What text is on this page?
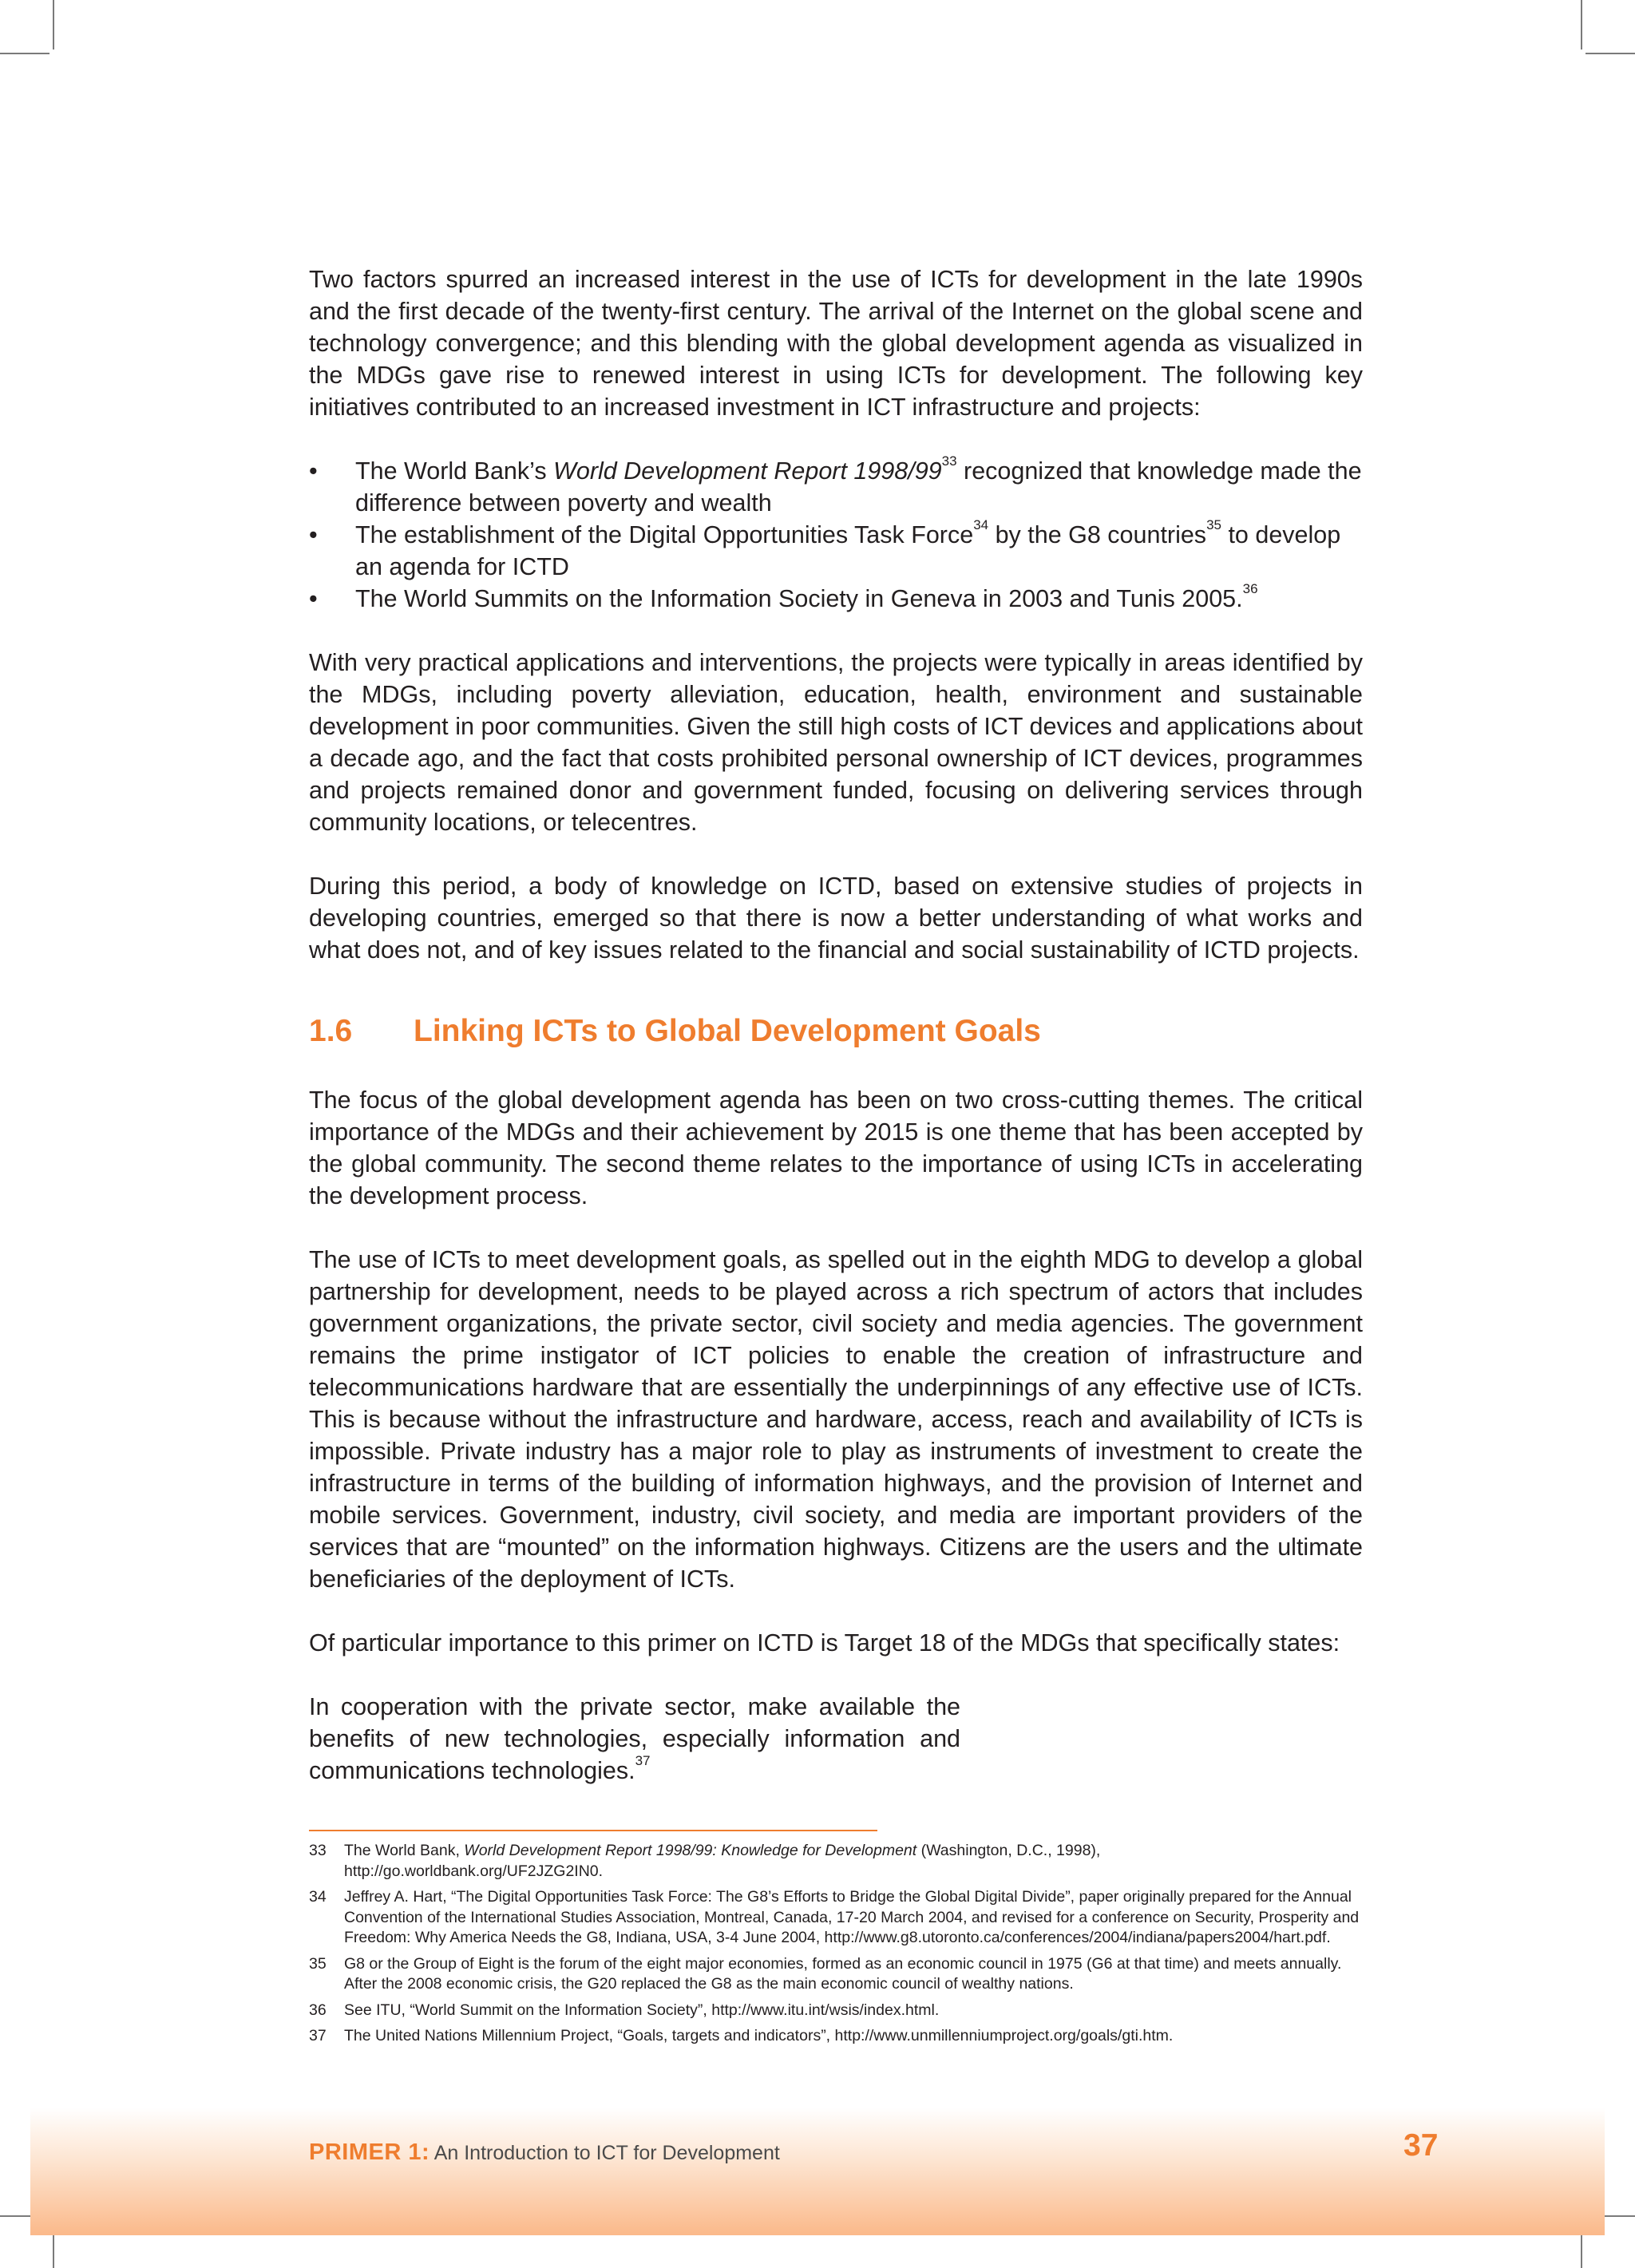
Two factors spurred an increased interest in the use of ICTs for development in the late 1990s and the first decade of the twenty-first century. The arrival of the Internet on the global scene and technology convergence; and this blending with the global development agenda as visualized in the MDGs gave rise to renewed interest in using ICTs for development. The following key initiatives contributed to an increased investment in ICT infrastructure and projects:

• The World Bank’s World Development Report $1998/99^{33}$ recognized that knowledge made the difference between poverty and wealth
• The establishment of the Digital Opportunities Task Force$^{34}$ by the G8 countries$^{35}$ to develop an agenda for ICTD
• The World Summits on the Information Society in Geneva in 2003 and Tunis 2005.36

With very practical applications and interventions, the projects were typically in areas identified by the MDGs, including poverty alleviation, education, health, environment and sustainable development in poor communities. Given the still high costs of ICT devices and applications about a decade ago, and the fact that costs prohibited personal ownership of ICT devices, programmes and projects remained donor and government funded, focusing on delivering services through community locations, or telecentres.

During this period, a body of knowledge on ICTD, based on extensive studies of projects in developing countries, emerged so that there is now a better understanding of what works and what does not, and of key issues related to the financial and social sustainability of ICTD projects.

1.6 Linking ICTs to Global Development Goals

The focus of the global development agenda has been on two cross-cutting themes. The critical importance of the MDGs and their achievement by 2015 is one theme that has been accepted by the global community. The second theme relates to the importance of using ICTs in accelerating the development process.

The use of ICTs to meet development goals, as spelled out in the eighth MDG to develop a global partnership for development, needs to be played across a rich spectrum of actors that includes government organizations, the private sector, civil society and media agencies. The government remains the prime instigator of ICT policies to enable the creation of infrastructure and telecommunications hardware that are essentially the underpinnings of any effective use of ICTs. This is because without the infrastructure and hardware, access, reach and availability of ICTs is impossible. Private industry has a major role to play as instruments of investment to create the infrastructure in terms of the building of information highways, and the provision of Internet and mobile services. Government, industry, civil society, and media are important providers of the services that are “mounted” on the information highways. Citizens are the users and the ultimate beneficiaries of the deployment of ICTs.

Of particular importance to this primer on ICTD is Target 18 of the MDGs that specifically states:

In cooperation with the private sector, make available the benefits of new technologies, especially information and communications technologies.$^{37}$

33	The World Bank, World Development Report 1998/99: Knowledge for Development (Washington, D.C., 1998), http://go.worldbank.org/UF2JZG2IN0.
34	Jeffrey A. Hart, “The Digital Opportunities Task Force: The G8’s Efforts to Bridge the Global Digital Divide”, paper originally prepared for the Annual Convention of the International Studies Association, Montreal, Canada, 17-20 March 2004, and revised for a conference on Security, Prosperity and Freedom: Why America Needs the G8, Indiana, USA, 3-4 June 2004, http://www.g8.utoronto.ca/conferences/2004/indiana/papers2004/hart.pdf.
35	G8 or the Group of Eight is the forum of the eight major economies, formed as an economic council in 1975 (G6 at that time) and meets annually. After the 2008 economic crisis, the G20 replaced the G8 as the main economic council of wealthy nations.
36	See ITU, “World Summit on the Information Society”, http://www.itu.int/wsis/index.html.
37	The United Nations Millennium Project, “Goals, targets and indicators”, http://www.unmillenniumproject.org/goals/gti.htm.
PRIMER 1: An Introduction to ICT for Development	37
